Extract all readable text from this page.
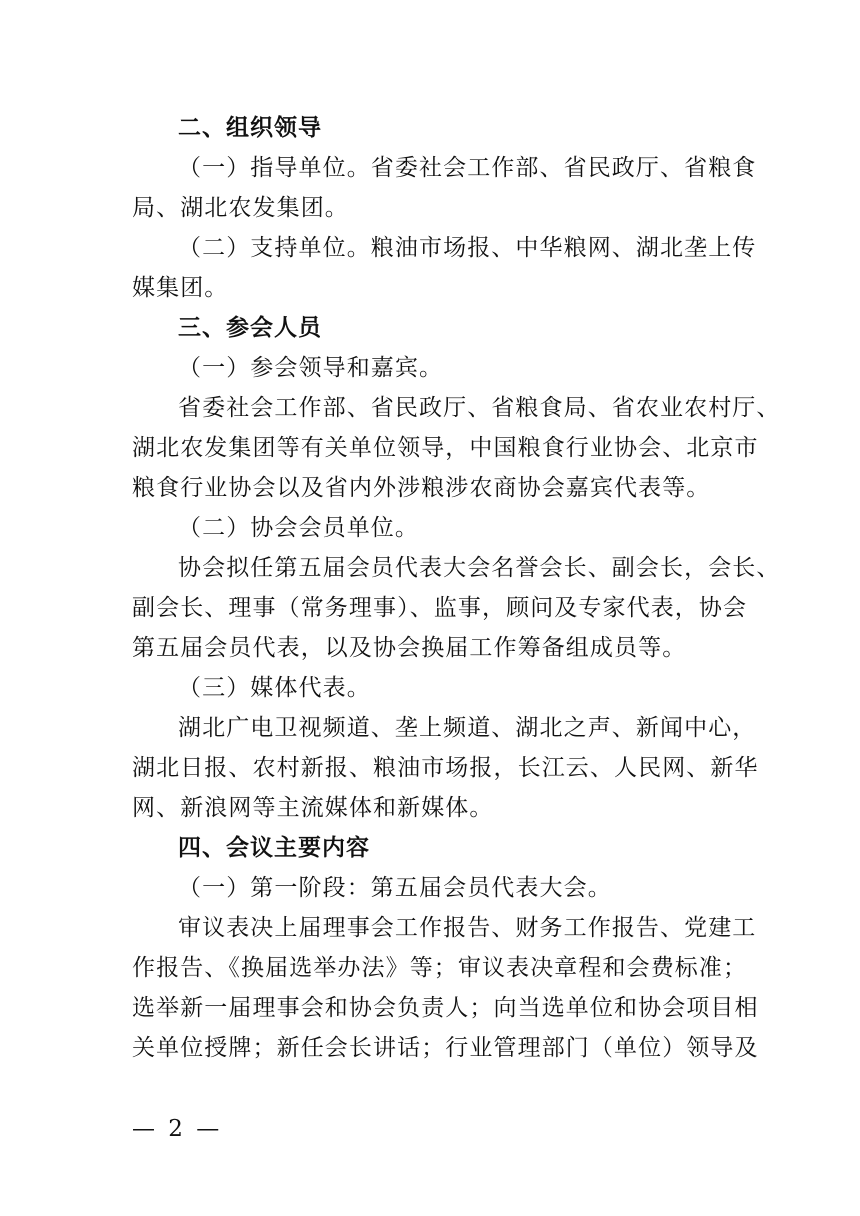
二、组织领导
（一）指导单位。省委社会工作部、省民政厅、省粮食
局、湖北农发集团。
（二）支持单位。粮油市场报、中华粮网、湖北垄上传
媒集团。
三、参会人员
（一）参会领导和嘉宾。
省委社会工作部、省民政厅、省粮食局、省农业农村厅、
湖北农发集团等有关单位领导，中国粮食行业协会、北京市
粮食行业协会以及省内外涉粮涉农商协会嘉宾代表等。
（二）协会会员单位。
协会拟任第五届会员代表大会名誉会长、副会长，会长、
副会长、理事（常务理事）、监事，顾问及专家代表，协会
第五届会员代表，以及协会换届工作筹备组成员等。
（三）媒体代表。
湖北广电卫视频道、垄上频道、湖北之声、新闻中心，
湖北日报、农村新报、粮油市场报，长江云、人民网、新华
网、新浪网等主流媒体和新媒体。
四、会议主要内容
（一）第一阶段：第五届会员代表大会。
审议表决上届理事会工作报告、财务工作报告、党建工
作报告、《换届选举办法》等；审议表决章程和会费标准；
选举新一届理事会和协会负责人；向当选单位和协会项目相
关单位授牌；新任会长讲话；行业管理部门（单位）领导及
— 2 —
